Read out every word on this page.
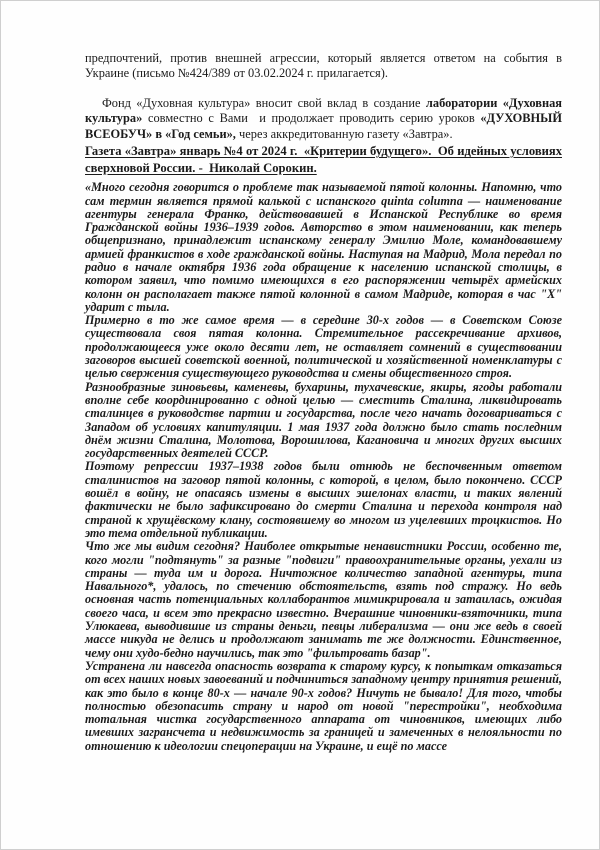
предпочтений, против внешней агрессии, который является ответом на события в Украине (письмо №424/389 от 03.02.2024 г. прилагается).

Фонд «Духовная культура» вносит свой вклад в создание лаборатории «Духовная культура» совместно с Вами  и продолжает проводить серию уроков «ДУХОВНЫЙ ВСЕОБУЧ» в «Год семьи», через аккредитованную газету «Завтра».

Газета «Завтра» январь №4 от 2024 г.  «Критерии будущего».  Об идейных условиях сверхновой России. -  Николай Сорокин.

«Много сегодня говорится о проблеме так называемой пятой колонны. Напомню, что сам термин является прямой калькой с испанского quinta columna — наименование агентуры генерала Франко, действовавшей в Испанской Республике во время Гражданской войны 1936–1939 годов. Авторство в этом наименовании, как теперь общепризнано, принадлежит испанскому генералу Эмилио Моле, командовавшему армией франкистов в ходе гражданской войны. Наступая на Мадрид, Мола передал по радио в начале октября 1936 года обращение к населению испанской столицы, в котором заявил, что помимо имеющихся в его распоряжении четырёх армейских колонн он располагает также пятой колонной в самом Мадриде, которая в час "X" ударит с тыла.

Примерно в то же самое время — в середине 30-х годов — в Советском Союзе существовала своя пятая колонна. Стремительное рассекречивание архивов, продолжающееся уже около десяти лет, не оставляет сомнений в существовании заговоров высшей советской военной, политической и хозяйственной номенклатуры с целью свержения существующего руководства и смены общественного строя.

Разнообразные зиновьевы, каменевы, бухарины, тухачевские, якиры, ягоды работали вполне себе координированно с одной целью — сместить Сталина, ликвидировать сталинцев в руководстве партии и государства, после чего начать договариваться с Западом об условиях капитуляции. 1 мая 1937 года должно было стать последним днём жизни Сталина, Молотова, Ворошилова, Кагановича и многих других высших государственных деятелей СССР.

Поэтому репрессии 1937–1938 годов были отнюдь не беспочвенным ответом сталинистов на заговор пятой колонны, с которой, в целом, было покончено. СССР вошёл в войну, не опасаясь измены в высших эшелонах власти, и таких явлений фактически не было зафиксировано до смерти Сталина и перехода контроля над страной к хрущёвскому клану, состоявшему во многом из уцелевших троцкистов. Но это тема отдельной публикации.

Что же мы видим сегодня? Наиболее открытые ненавистники России, особенно те, кого могли "подтянуть" за разные "подвиги" правоохранительные органы, уехали из страны — туда им и дорога. Ничтожное количество западной агентуры, типа Навального*, удалось, по стечению обстоятельств, взять под стражу. Но ведь основная часть потенциальных коллаборантов мимикрировала и затаилась, ожидая своего часа, и всем это прекрасно известно. Вчерашние чиновники-взяточники, типа Улюкаева, выводившие из страны деньги, певцы либерализма — они же ведь в своей массе никуда не делись и продолжают занимать те же должности. Единственное, чему они худо-бедно научились, так это "фильтровать базар".

Устранена ли навсегда опасность возврата к старому курсу, к попыткам отказаться от всех наших новых завоеваний и подчиниться западному центру принятия решений, как это было в конце 80-х — начале 90-х годов? Ничуть не бывало! Для того, чтобы полностью обезопасить страну и народ от новой "перестройки", необходима тотальная чистка государственного аппарата от чиновников, имеющих либо имевших загрансчета и недвижимость за границей и замеченных в нелояльности по отношению к идеологии спецоперации на Украине, и ещё по массе
